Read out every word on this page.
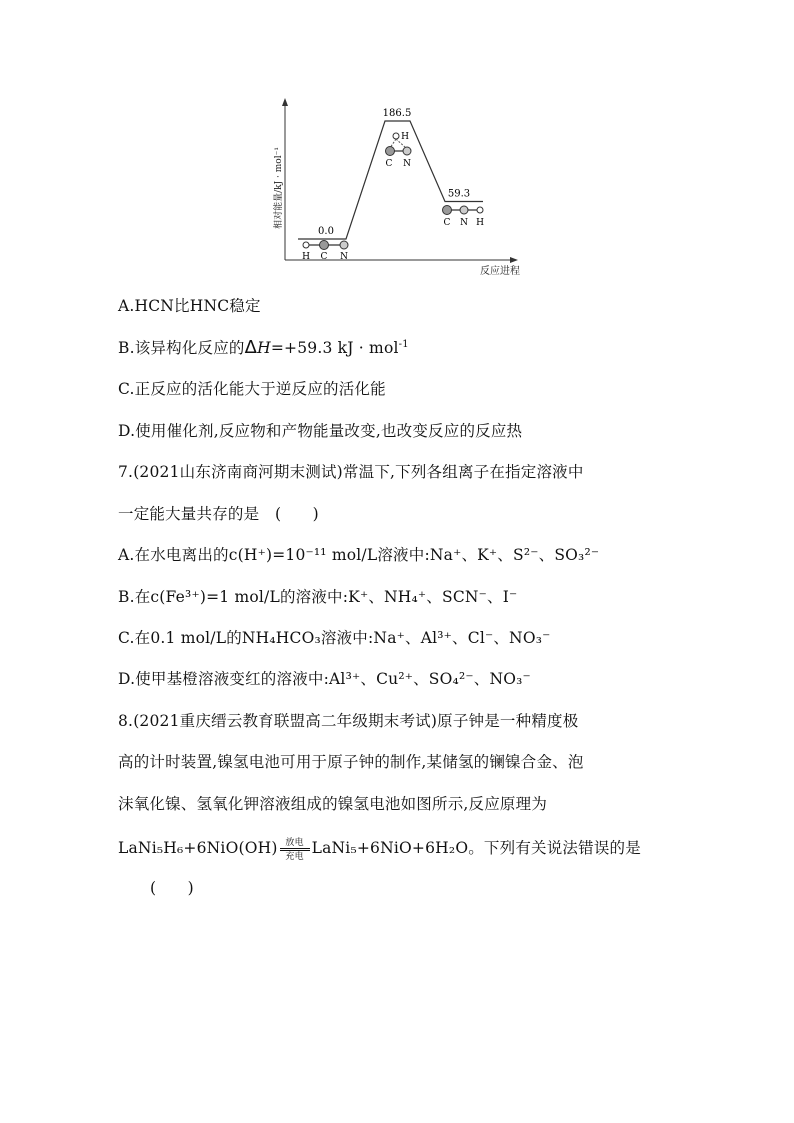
相对能量/kJ · mol⁻¹
反应进程
0.0
186.5
59.3
H C N
H
C N
C N H
A.HCN比HNC稳定
B.该异构化反应的ΔH=+59.3 kJ · mol$^{-1}$
C.正反应的活化能大于逆反应的活化能
D.使用催化剂,反应物和产物能量改变,也改变反应的反应热
7.(2021山东济南商河期末测试)常温下,下列各组离子在指定溶液中
一定能大量共存的是　(　　)
A.在水电离出的c(H⁺)=10⁻¹¹ mol/L溶液中:Na⁺、K⁺、S²⁻、SO₃²⁻
B.在c(Fe³⁺)=1 mol/L的溶液中:K⁺、NH₄⁺、SCN⁻、I⁻
C.在0.1 mol/L的NH₄HCO₃溶液中:Na⁺、Al³⁺、Cl⁻、NO₃⁻
D.使甲基橙溶液变红的溶液中:Al³⁺、Cu²⁺、SO₄²⁻、NO₃⁻
8.(2021重庆缙云教育联盟高二年级期末考试)原子钟是一种精度极
高的计时装置,镍氢电池可用于原子钟的制作,某储氢的镧镍合金、泡
沫氧化镍、氢氧化钾溶液组成的镍氢电池如图所示,反应原理为
LaNi₅H₆+6NiO(OH) 放电
充电 LaNi₅+6NiO+6H₂O。下列有关说法错误的是
(　　)
